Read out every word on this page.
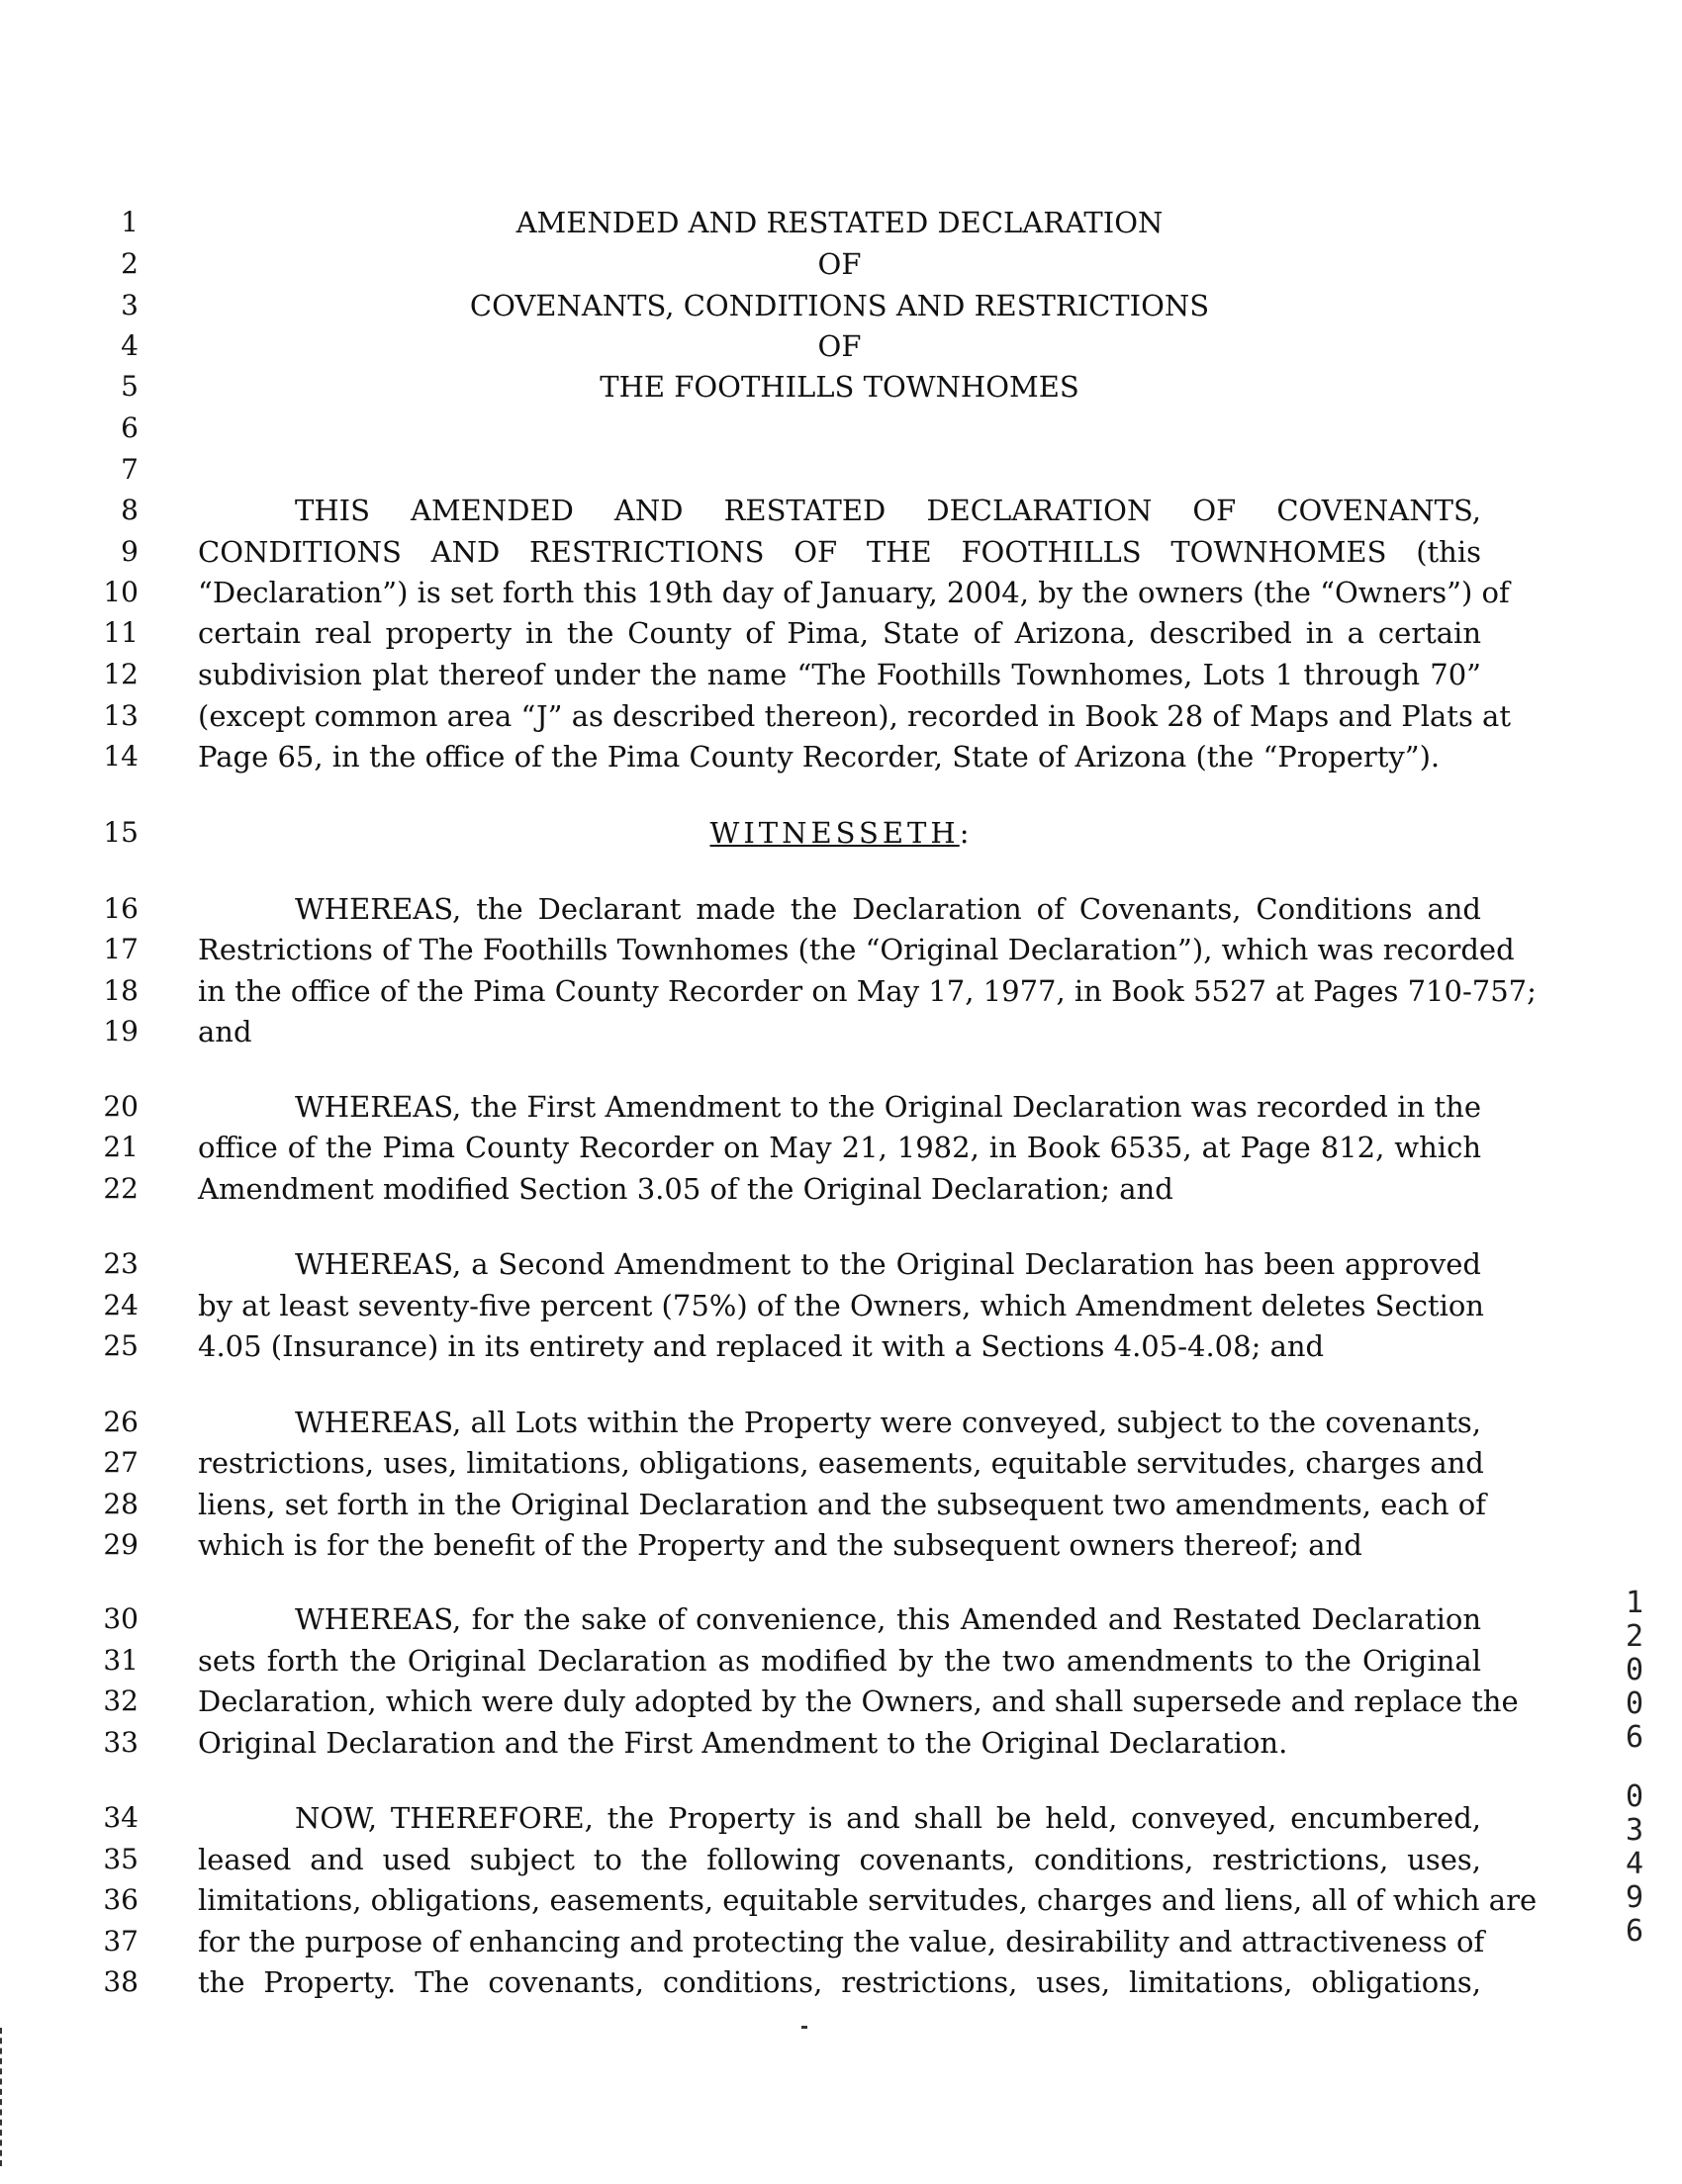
1
2
3
4
5
6
7
8
9
10
11
12
13
14
15
16
17
18
19
20
21
22
23
24
25
26
27
28
29
30
31
32
33
34
35
36
37
38
AMENDED AND RESTATED DECLARATION
OF
COVENANTS, CONDITIONS AND RESTRICTIONS
OF
THE FOOTHILLS TOWNHOMES
THIS AMENDED AND RESTATED DECLARATION OF COVENANTS,
CONDITIONS AND RESTRICTIONS OF THE FOOTHILLS TOWNHOMES (this
“Declaration”) is set forth this 19th day of January, 2004, by the owners (the “Owners”) of
certain real property in the County of Pima, State of Arizona, described in a certain
subdivision plat thereof under the name “The Foothills Townhomes, Lots 1 through 70”
(except common area “J” as described thereon), recorded in Book 28 of Maps and Plats at
Page 65, in the office of the Pima County Recorder, State of Arizona (the “Property”).
WITNESSETH:
WHEREAS, the Declarant made the Declaration of Covenants, Conditions and
Restrictions of The Foothills Townhomes (the “Original Declaration”), which was recorded
in the office of the Pima County Recorder on May 17, 1977, in Book 5527 at Pages 710-757;
and
WHEREAS, the First Amendment to the Original Declaration was recorded in the
office of the Pima County Recorder on May 21, 1982, in Book 6535, at Page 812, which
Amendment modified Section 3.05 of the Original Declaration; and
WHEREAS, a Second Amendment to the Original Declaration has been approved
by at least seventy-five percent (75%) of the Owners, which Amendment deletes Section
4.05 (Insurance) in its entirety and replaced it with a Sections 4.05-4.08; and
WHEREAS, all Lots within the Property were conveyed, subject to the covenants,
restrictions, uses, limitations, obligations, easements, equitable servitudes, charges and
liens, set forth in the Original Declaration and the subsequent two amendments, each of
which is for the benefit of the Property and the subsequent owners thereof; and
WHEREAS, for the sake of convenience, this Amended and Restated Declaration
sets forth the Original Declaration as modified by the two amendments to the Original
Declaration, which were duly adopted by the Owners, and shall supersede and replace the
Original Declaration and the First Amendment to the Original Declaration.
NOW, THEREFORE, the Property is and shall be held, conveyed, encumbered,
leased and used subject to the following covenants, conditions, restrictions, uses,
limitations, obligations, easements, equitable servitudes, charges and liens, all of which are
for the purpose of enhancing and protecting the value, desirability and attractiveness of
the Property. The covenants, conditions, restrictions, uses, limitations, obligations,
1
2
0
0
6
0
3
4
9
6
